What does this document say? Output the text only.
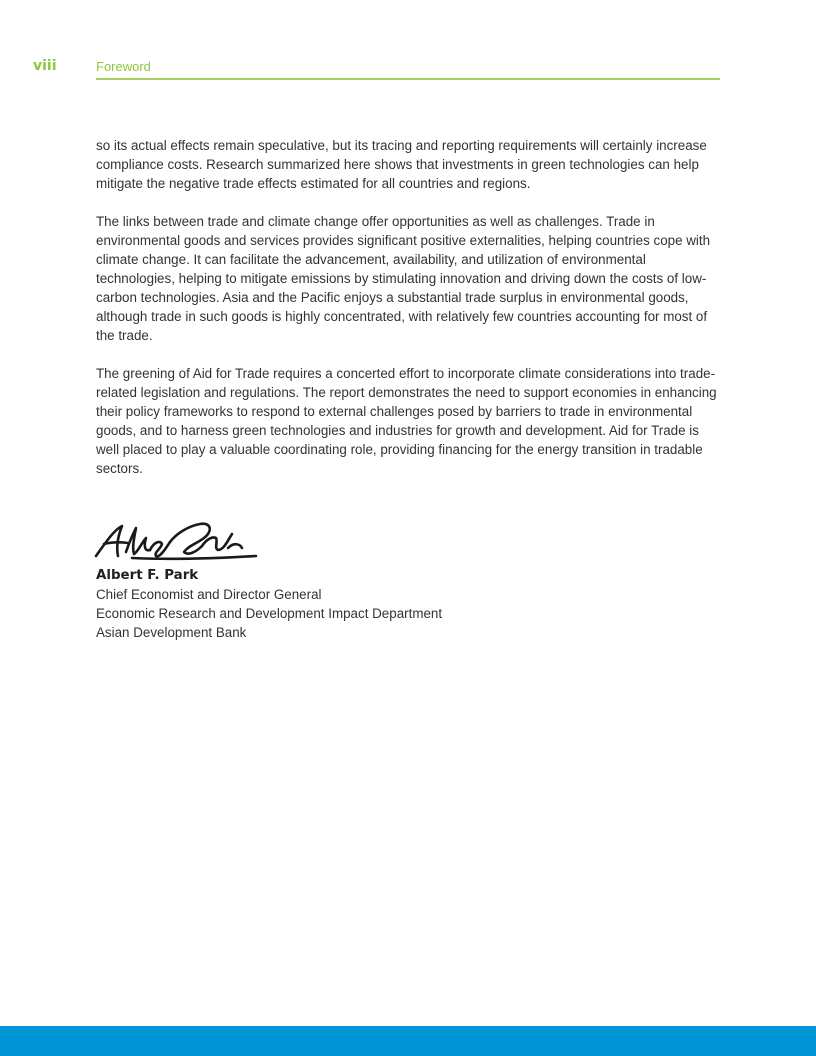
viii	Foreword

so its actual effects remain speculative, but its tracing and reporting requirements will certainly increase compliance costs. Research summarized here shows that investments in green technologies can help mitigate the negative trade effects estimated for all countries and regions.

The links between trade and climate change offer opportunities as well as challenges. Trade in environmental goods and services provides significant positive externalities, helping countries cope with climate change. It can facilitate the advancement, availability, and utilization of environmental technologies, helping to mitigate emissions by stimulating innovation and driving down the costs of low-carbon technologies. Asia and the Pacific enjoys a substantial trade surplus in environmental goods, although trade in such goods is highly concentrated, with relatively few countries accounting for most of the trade.

The greening of Aid for Trade requires a concerted effort to incorporate climate considerations into trade-related legislation and regulations. The report demonstrates the need to support economies in enhancing their policy frameworks to respond to external challenges posed by barriers to trade in environmental goods, and to harness green technologies and industries for growth and development. Aid for Trade is well placed to play a valuable coordinating role, providing financing for the energy transition in tradable sectors.

Albert F. Park
Chief Economist and Director General
Economic Research and Development Impact Department
Asian Development Bank
